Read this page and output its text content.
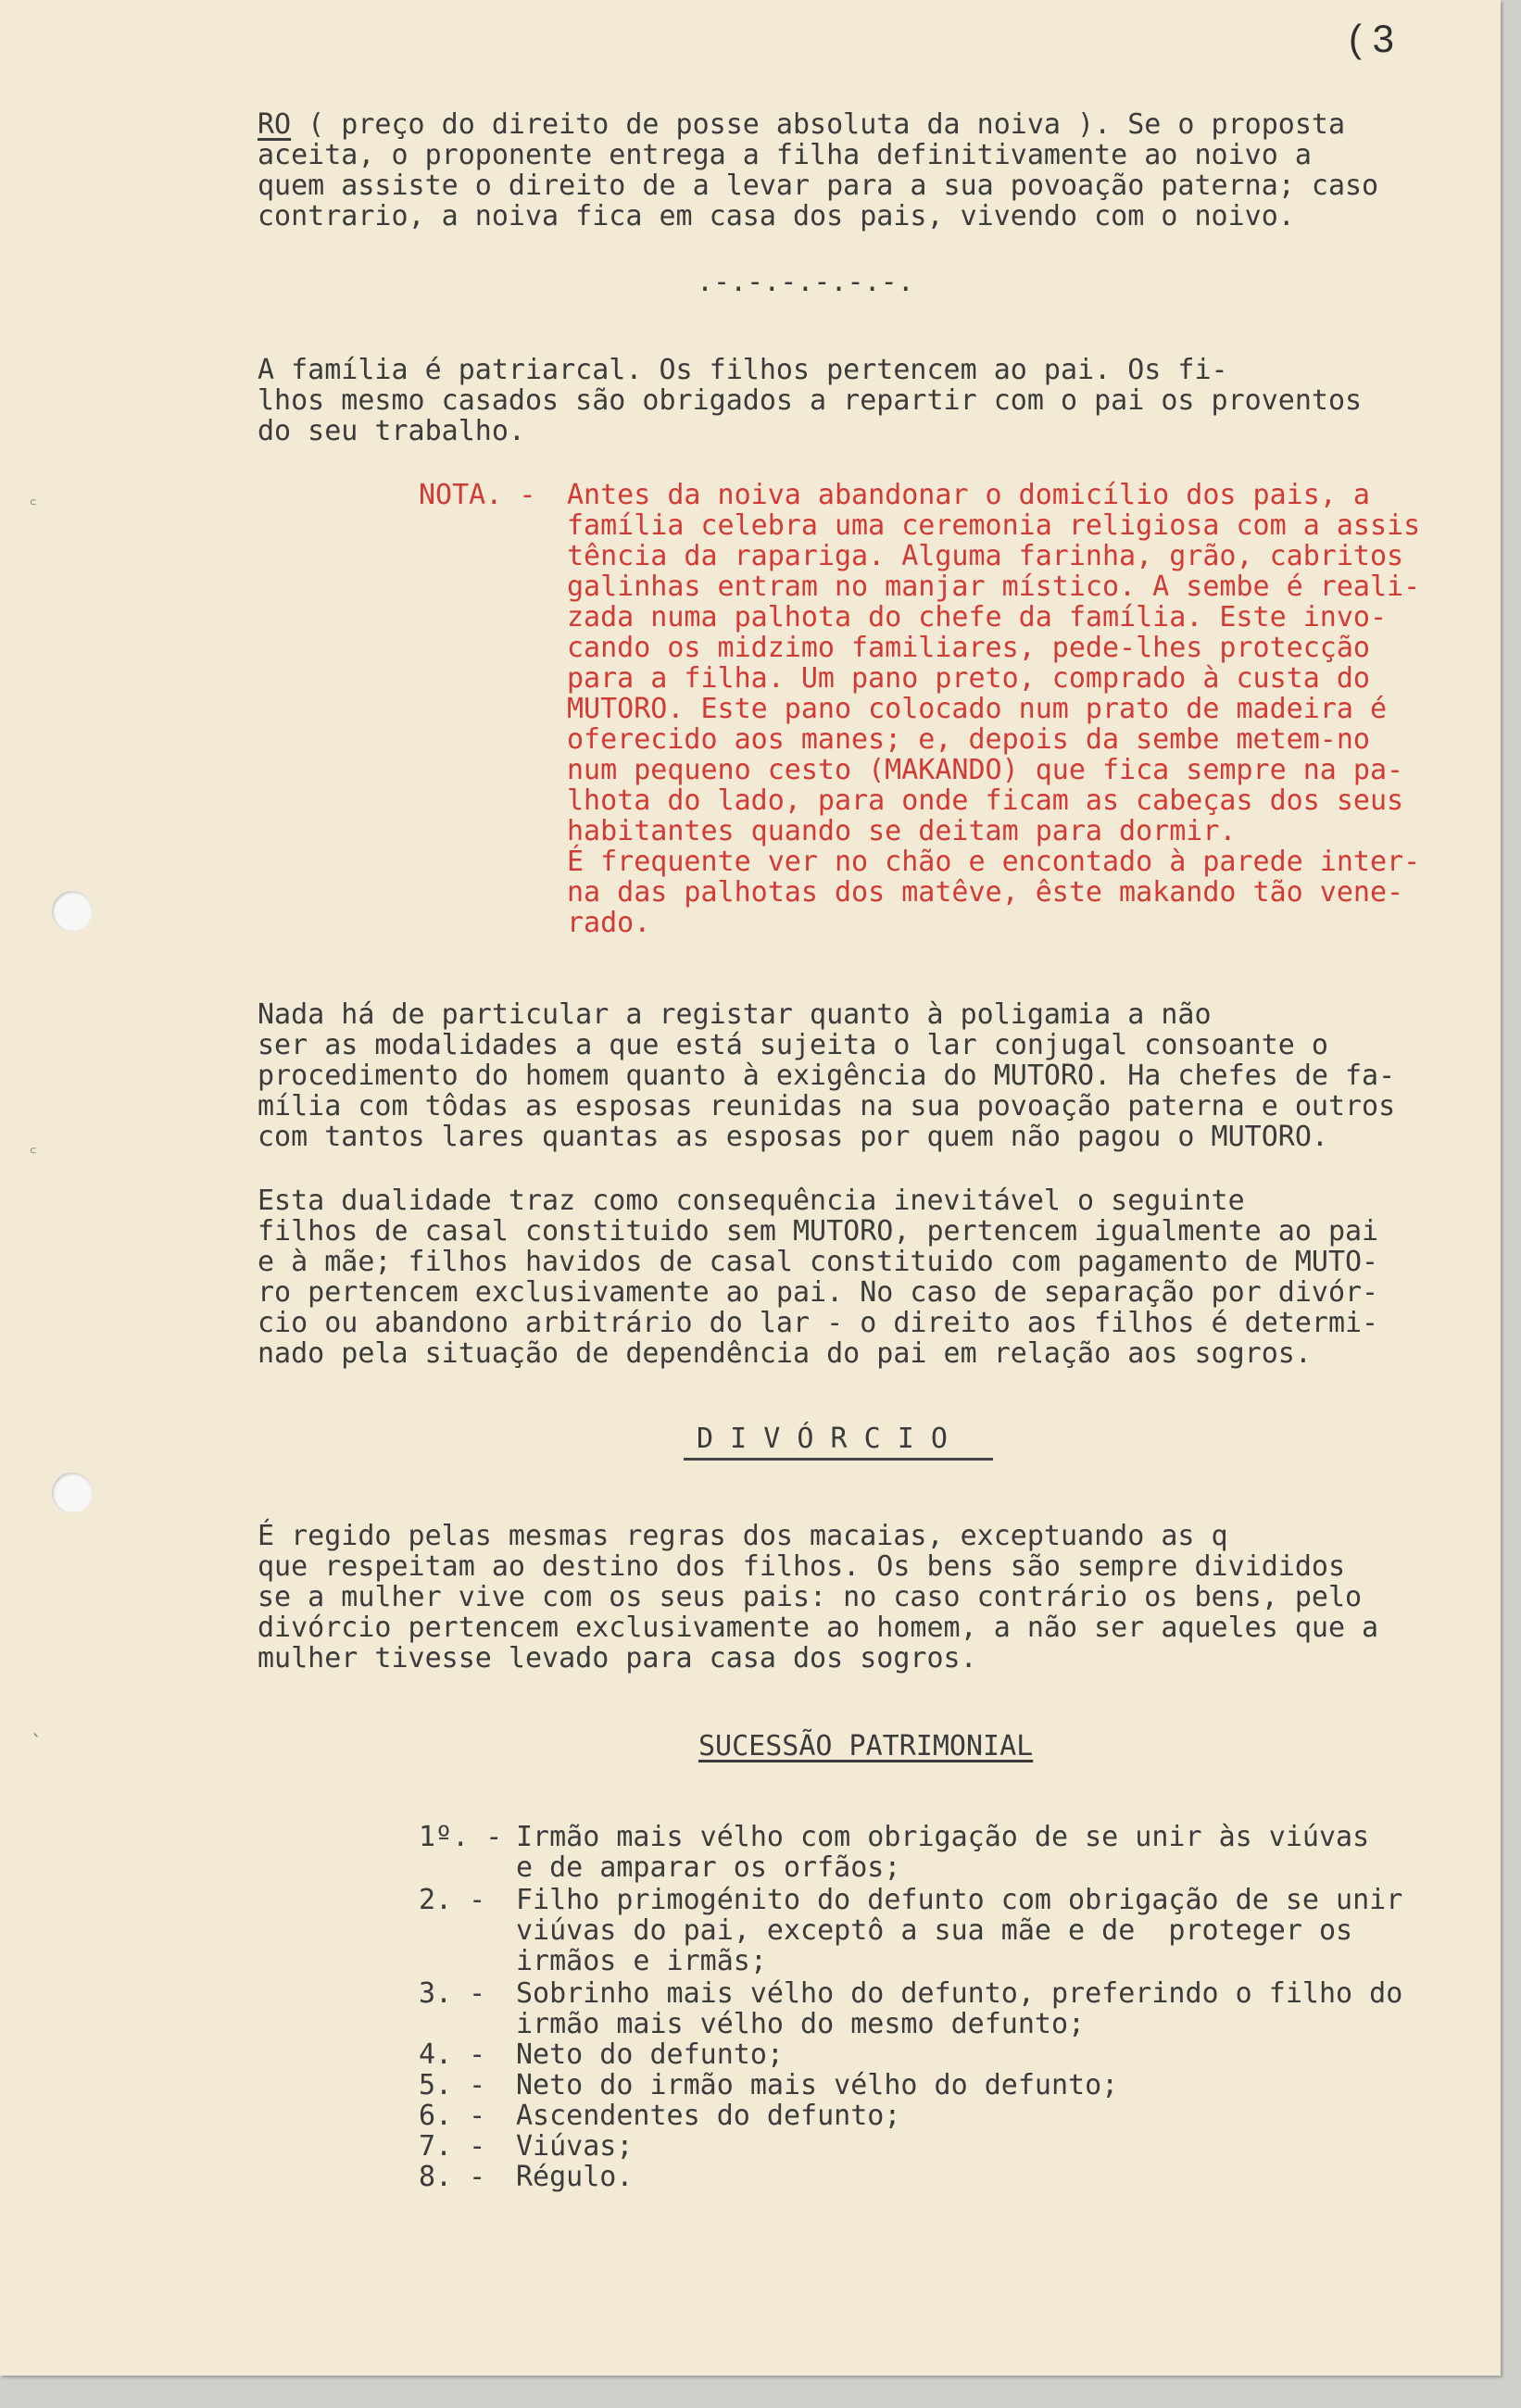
꜀
꜀
ˎ
( 3
RO ( preço do direito de posse absoluta da noiva ). Se o proposta
aceita, o proponente entrega a filha definitivamente ao noivo a
quem assiste o direito de a levar para a sua povoação paterna; caso
contrario, a noiva fica em casa dos pais, vivendo com o noivo.
.-.-.-.-.-.-.
A família é patriarcal. Os filhos pertencem ao pai. Os fi-
lhos mesmo casados são obrigados a repartir com o pai os proventos
do seu trabalho.
NOTA. - Antes da noiva abandonar o domicílio dos pais, a
família celebra uma ceremonia religiosa com a assis
tência da rapariga. Alguma farinha, grão, cabritos
galinhas entram no manjar místico. A sembe é reali-
zada numa palhota do chefe da família. Este invo-
cando os midzimo familiares, pede-lhes protecção
para a filha. Um pano preto, comprado à custa do
MUTORO. Este pano colocado num prato de madeira é
oferecido aos manes; e, depois da sembe metem-no
num pequeno cesto (MAKANDO) que fica sempre na pa-
lhota do lado, para onde ficam as cabeças dos seus
habitantes quando se deitam para dormir.
É frequente ver no chão e encontado à parede inter-
na das palhotas dos matêve, êste makando tão vene-
rado.
Nada há de particular a registar quanto à poligamia a não
ser as modalidades a que está sujeita o lar conjugal consoante o
procedimento do homem quanto à exigência do MUTORO. Ha chefes de fa-
mília com tôdas as esposas reunidas na sua povoação paterna e outros
com tantos lares quantas as esposas por quem não pagou o MUTORO.
Esta dualidade traz como consequência inevitável o seguinte
filhos de casal constituido sem MUTORO, pertencem igualmente ao pai
e à mãe; filhos havidos de casal constituido com pagamento de MUTO-
ro pertencem exclusivamente ao pai. No caso de separação por divór-
cio ou abandono arbitrário do lar - o direito aos filhos é determi-
nado pela situação de dependência do pai em relação aos sogros.
D I V Ó R C I O
É regido pelas mesmas regras dos macaias, exceptuando as q
que respeitam ao destino dos filhos. Os bens são sempre divididos
se a mulher vive com os seus pais: no caso contrário os bens, pelo
divórcio pertencem exclusivamente ao homem, a não ser aqueles que a
mulher tivesse levado para casa dos sogros.
SUCESSÃO PATRIMONIAL
1º. - Irmão mais vélho com obrigação de se unir às viúvas
e de amparar os orfãos;
2. - Filho primogénito do defunto com obrigação de se unir
viúvas do pai, exceptô a sua mãe e de  proteger os
irmãos e irmãs;
3. - Sobrinho mais vélho do defunto, preferindo o filho do
irmão mais vélho do mesmo defunto;
4. - Neto do defunto;
5. - Neto do irmão mais vélho do defunto;
6. - Ascendentes do defunto;
7. - Viúvas;
8. - Régulo.
